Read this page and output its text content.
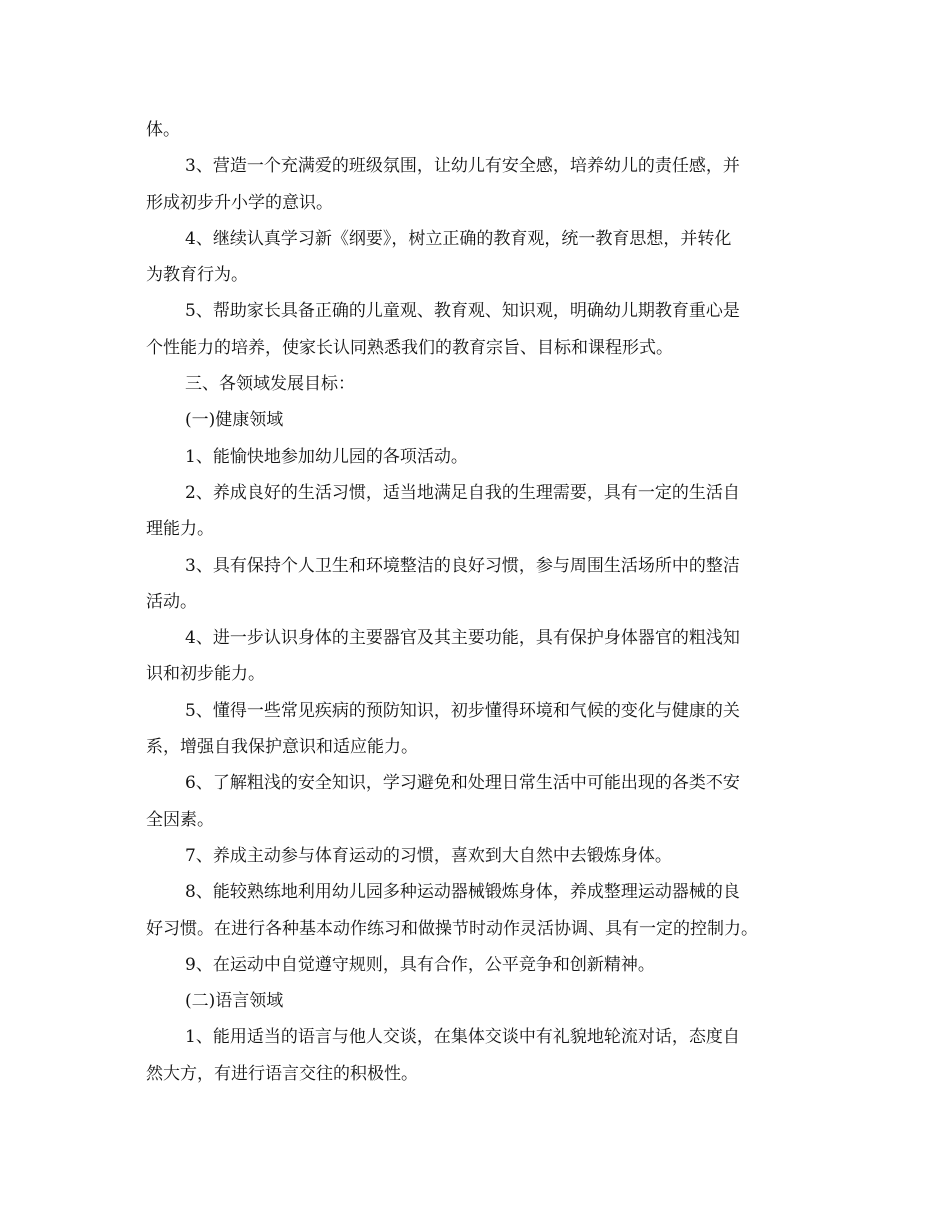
体。
3、营造一个充满爱的班级氛围，让幼儿有安全感，培养幼儿的责任感，并
形成初步升小学的意识。
4、继续认真学习新《纲要》，树立正确的教育观，统一教育思想，并转化
为教育行为。
5、帮助家长具备正确的儿童观、教育观、知识观，明确幼儿期教育重心是
个性能力的培养，使家长认同熟悉我们的教育宗旨、目标和课程形式。
三、各领域发展目标：
(一)健康领域
1、能愉快地参加幼儿园的各项活动。
2、养成良好的生活习惯，适当地满足自我的生理需要，具有一定的生活自
理能力。
3、具有保持个人卫生和环境整洁的良好习惯，参与周围生活场所中的整洁
活动。
4、进一步认识身体的主要器官及其主要功能，具有保护身体器官的粗浅知
识和初步能力。
5、懂得一些常见疾病的预防知识，初步懂得环境和气候的变化与健康的关
系，增强自我保护意识和适应能力。
6、了解粗浅的安全知识，学习避免和处理日常生活中可能出现的各类不安
全因素。
7、养成主动参与体育运动的习惯，喜欢到大自然中去锻炼身体。
8、能较熟练地利用幼儿园多种运动器械锻炼身体，养成整理运动器械的良
好习惯。在进行各种基本动作练习和做操节时动作灵活协调、具有一定的控制力。
9、在运动中自觉遵守规则，具有合作，公平竞争和创新精神。
(二)语言领域
1、能用适当的语言与他人交谈，在集体交谈中有礼貌地轮流对话，态度自
然大方，有进行语言交往的积极性。
